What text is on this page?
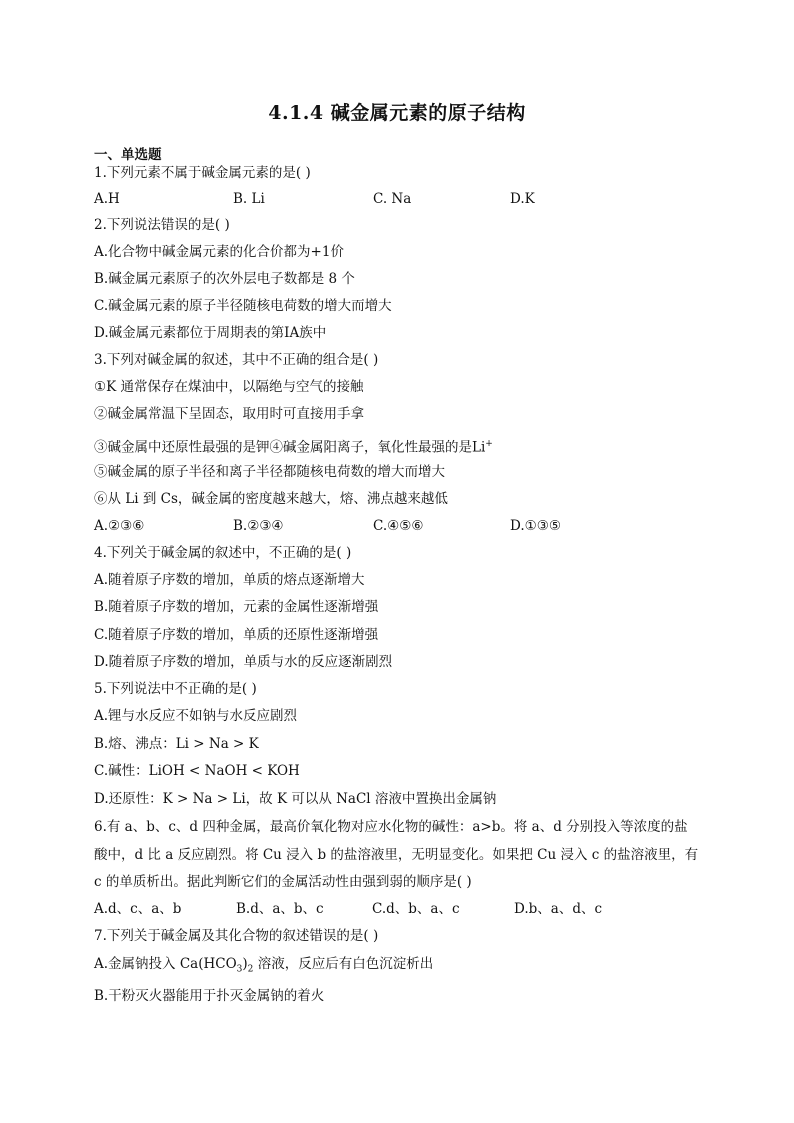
4.1.4 碱金属元素的原子结构
一、单选题
1.下列元素不属于碱金属元素的是( )
A.H	B. Li	C. Na	D.K
2.下列说法错误的是( )
A.化合物中碱金属元素的化合价都为+1价
B.碱金属元素原子的次外层电子数都是 8 个
C.碱金属元素的原子半径随核电荷数的增大而增大
D.碱金属元素都位于周期表的第ⅠA族中
3.下列对碱金属的叙述，其中不正确的组合是( )
①K 通常保存在煤油中，以隔绝与空气的接触
②碱金属常温下呈固态，取用时可直接用手拿
③碱金属中还原性最强的是钾④碱金属阳离子，氧化性最强的是Li+
⑤碱金属的原子半径和离子半径都随核电荷数的增大而增大
⑥从 Li 到 Cs，碱金属的密度越来越大，熔、沸点越来越低
A.②③⑥	B.②③④	C.④⑤⑥	D.①③⑤
4.下列关于碱金属的叙述中，不正确的是( )
A.随着原子序数的增加，单质的熔点逐渐增大
B.随着原子序数的增加，元素的金属性逐渐增强
C.随着原子序数的增加，单质的还原性逐渐增强
D.随着原子序数的增加，单质与水的反应逐渐剧烈
5.下列说法中不正确的是( )
A.锂与水反应不如钠与水反应剧烈
B.熔、沸点：Li > Na > K
C.碱性：LiOH < NaOH < KOH
D.还原性：K > Na > Li，故 K 可以从 NaCl 溶液中置换出金属钠
6.有 a、b、c、d 四种金属，最高价氧化物对应水化物的碱性：a>b。将 a、d 分别投入等浓度的盐
酸中，d 比 a 反应剧烈。将 Cu 浸入 b 的盐溶液里，无明显变化。如果把 Cu 浸入 c 的盐溶液里，有
c 的单质析出。据此判断它们的金属活动性由强到弱的顺序是( )
A.d、c、a、b	B.d、a、b、c	C.d、b、a、c	D.b、a、d、c
7.下列关于碱金属及其化合物的叙述错误的是( )
A.金属钠投入 $Ca(HCO_3)_2$ 溶液，反应后有白色沉淀析出
B.干粉灭火器能用于扑灭金属钠的着火
